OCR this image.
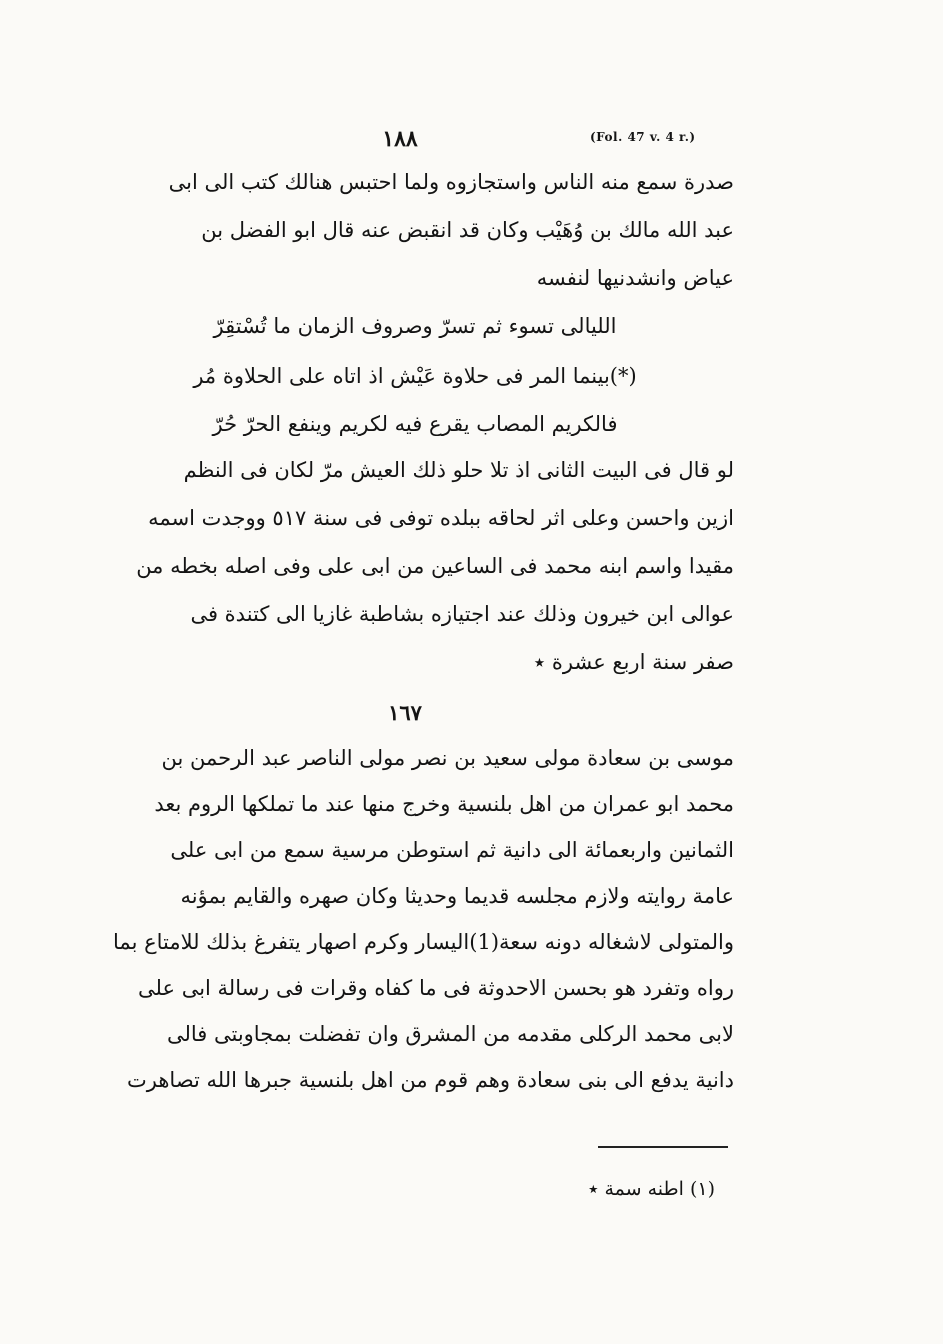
١٨٨	(Fol. 47 v. 4 r.)
صدرة سمع منه الناس واستجازوه ولما احتبس هنالك كتب الى ابى
عبد الله مالك بن وُهَيْب وكان قد انقبض عنه قال ابو الفضل بن
عياض وانشدنيها لنفسه
الليالى تسوء ثم تسرّ وصروف الزمان ما تُسْتقِرّ
(*)بينما المر فى حلاوة عَيْش اذ اتاه على الحلاوة مُر
فالكريم المصاب يقرع فيه لكريم وينفع الحرّ حُرّ
لو قال فى البيت الثانى اذ تلا حلو ذلك العيش مرّ لكان فى النظم
ازين واحسن وعلى اثر لحاقه ببلده توفى فى سنة ٥١٧ ووجدت اسمه
مقيدا واسم ابنه محمد فى الساعين من ابى على وفى اصله بخطه من
عوالى ابن خيرون وذلك عند اجتيازه بشاطبة غازيا الى كتندة فى
صفر سنة اربع عشرة ٭
١٦٧
موسى بن سعادة مولى سعيد بن نصر مولى الناصر عبد الرحمن بن
محمد ابو عمران من اهل بلنسية وخرج منها عند ما تملكها الروم بعد
الثمانين واربعمائة الى دانية ثم استوطن مرسية سمع من ابى على
عامة روايته ولازم مجلسه قديما وحديثا وكان صهره والقايم بمؤنه
والمتولى لاشغاله دونه سعة(1)اليسار وكرم اصهار يتفرغ بذلك للامتاع بما
رواه وتفرد هو بحسن الاحدوثة فى ما كفاه وقرات فى رسالة ابى على
لابى محمد الركلى مقدمه من المشرق وان تفضلت بمجاوبتى فالى
دانية يدفع الى بنى سعادة وهم قوم من اهل بلنسية جبرها الله تصاهرت
(١) اطنه سمة ٭
